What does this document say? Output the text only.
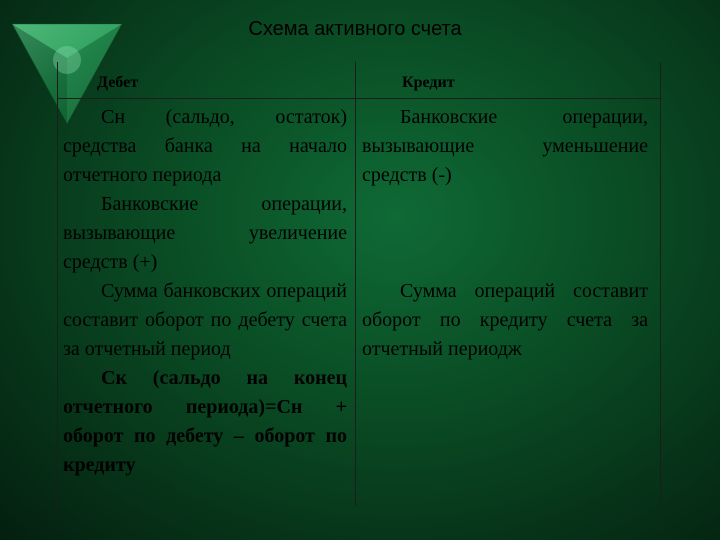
Схема активного счета
Дебет	Кредит

Сн (сальдо, остаток) средства банка на начало отчетного периода

Банковские операции, вызывающие увеличение средств (+)

Сумма банковских операций составит оборот по дебету счета за отчетный период

Ск (сальдо на конец отчетного периода)=Сн + оборот по дебету – оборот по кредиту

Банковские операции, вызывающие уменьшение средств (-)

Сумма операций составит оборот по кредиту счета за отчетный периодж
